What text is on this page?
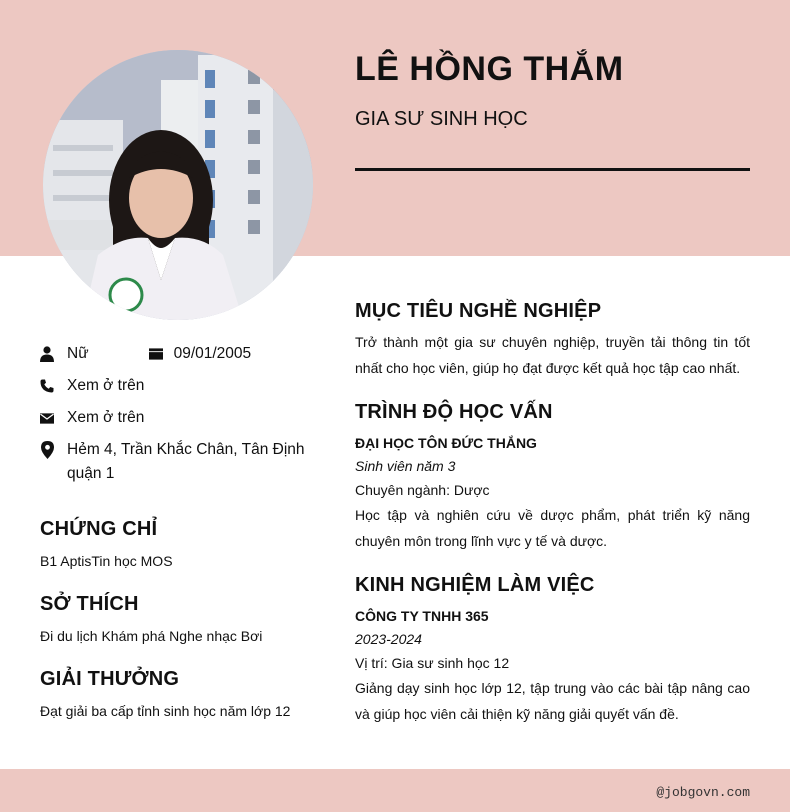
LÊ HỒNG THẮM
GIA SƯ SINH HỌC
Nữ	09/01/2005
Xem ở trên
Xem ở trên
Hẻm 4, Trần Khắc Chân, Tân Định quận 1
CHỨNG CHỈ
B1 AptisTin học MOS
SỞ THÍCH
Đi du lịch Khám phá Nghe nhạc Bơi
GIẢI THƯỞNG
Đạt giải ba cấp tỉnh sinh học năm lớp 12
MỤC TIÊU NGHỀ NGHIỆP
Trở thành một gia sư chuyên nghiệp, truyền tải thông tin tốt nhất cho học viên, giúp họ đạt được kết quả học tập cao nhất.
TRÌNH ĐỘ HỌC VẤN
ĐẠI HỌC TÔN ĐỨC THẮNG
Sinh viên năm 3
Chuyên ngành: Dược
Học tập và nghiên cứu về dược phẩm, phát triển kỹ năng chuyên môn trong lĩnh vực y tế và dược.
KINH NGHIỆM LÀM VIỆC
CÔNG TY TNHH 365
2023-2024
Vị trí: Gia sư sinh học 12
Giảng dạy sinh học lớp 12, tập trung vào các bài tập nâng cao và giúp học viên cải thiện kỹ năng giải quyết vấn đề.
@jobgovn.com
